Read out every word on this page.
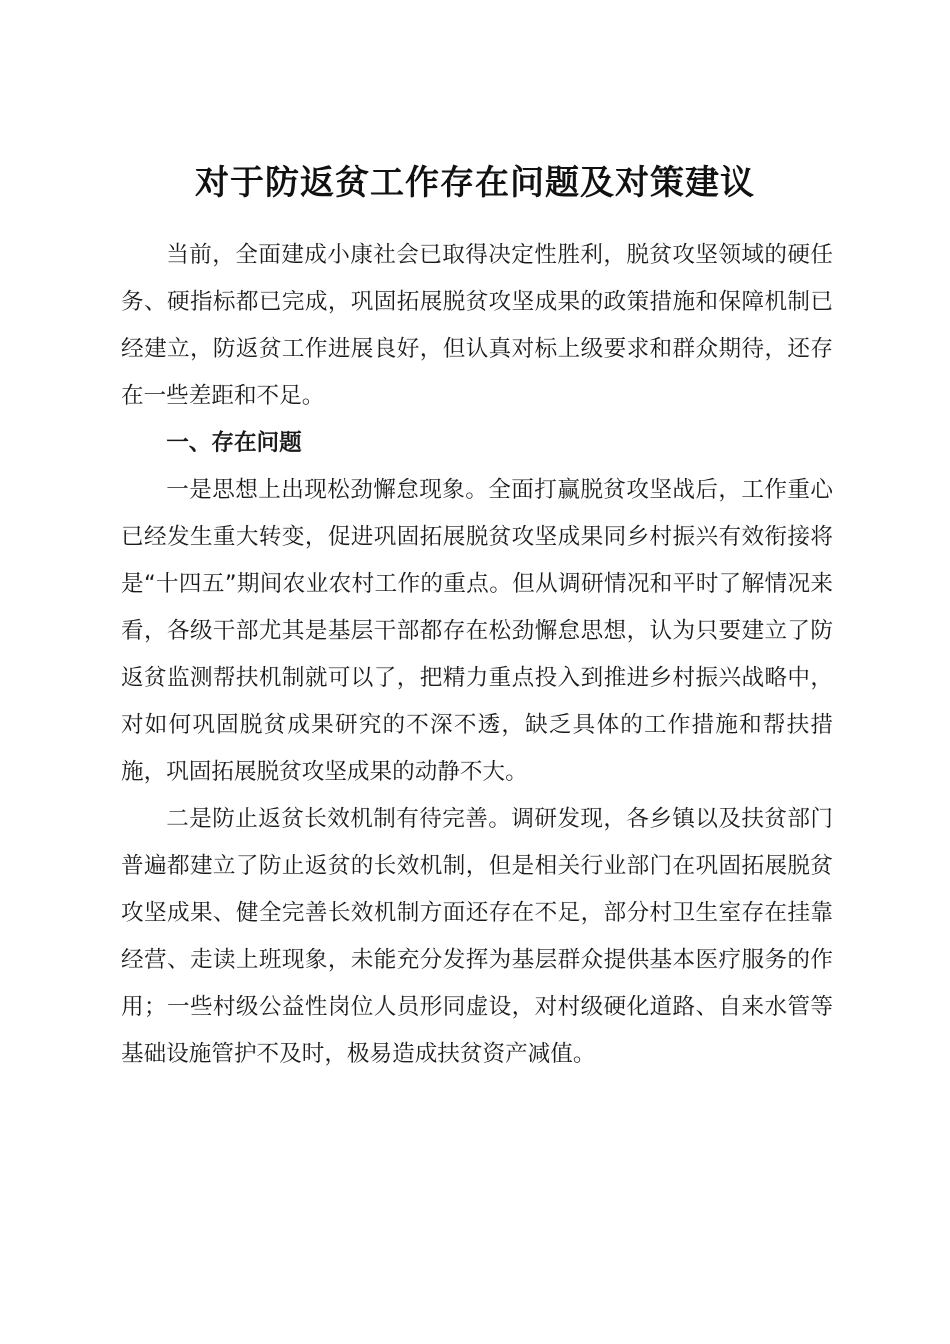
对于防返贫工作存在问题及对策建议

当前，全面建成小康社会已取得决定性胜利，脱贫攻坚领域的硬任务、硬指标都已完成，巩固拓展脱贫攻坚成果的政策措施和保障机制已经建立，防返贫工作进展良好，但认真对标上级要求和群众期待，还存在一些差距和不足。

一、存在问题

一是思想上出现松劲懈怠现象。全面打赢脱贫攻坚战后，工作重心已经发生重大转变，促进巩固拓展脱贫攻坚成果同乡村振兴有效衔接将是“十四五”期间农业农村工作的重点。但从调研情况和平时了解情况来看，各级干部尤其是基层干部都存在松劲懈怠思想，认为只要建立了防返贫监测帮扶机制就可以了，把精力重点投入到推进乡村振兴战略中，对如何巩固脱贫成果研究的不深不透，缺乏具体的工作措施和帮扶措施，巩固拓展脱贫攻坚成果的动静不大。

二是防止返贫长效机制有待完善。调研发现，各乡镇以及扶贫部门普遍都建立了防止返贫的长效机制，但是相关行业部门在巩固拓展脱贫攻坚成果、健全完善长效机制方面还存在不足，部分村卫生室存在挂靠经营、走读上班现象，未能充分发挥为基层群众提供基本医疗服务的作用；一些村级公益性岗位人员形同虚设，对村级硬化道路、自来水管等基础设施管护不及时，极易造成扶贫资产减值。
